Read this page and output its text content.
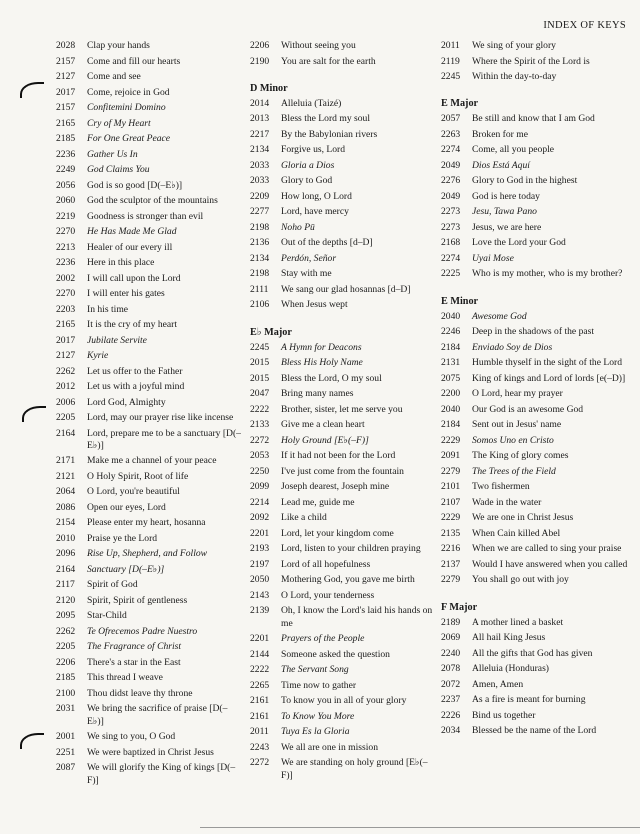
INDEX OF KEYS
2028	Clap your hands
2157	Come and fill our hearts
2127	Come and see
2017	Come, rejoice in God
2157	Confitemini Domino
2165	Cry of My Heart
2185	For One Great Peace
2236	Gather Us In
2249	God Claims You
2056	God is so good [D(–E♭)]
2060	God the sculptor of the mountains
2219	Goodness is stronger than evil
2270	He Has Made Me Glad
2213	Healer of our every ill
2236	Here in this place
2002	I will call upon the Lord
2270	I will enter his gates
2203	In his time
2165	It is the cry of my heart
2017	Jubilate Servite
2127	Kyrie
2262	Let us offer to the Father
2012	Let us with a joyful mind
2006	Lord God, Almighty
2205	Lord, may our prayer rise like incense
2164	Lord, prepare me to be a sanctuary [D(–E♭)]
2171	Make me a channel of your peace
2121	O Holy Spirit, Root of life
2064	O Lord, you're beautiful
2086	Open our eyes, Lord
2154	Please enter my heart, hosanna
2010	Praise ye the Lord
2096	Rise Up, Shepherd, and Follow
2164	Sanctuary [D(–E♭)]
2117	Spirit of God
2120	Spirit, Spirit of gentleness
2095	Star-Child
2262	Te Ofrecemos Padre Nuestro
2205	The Fragrance of Christ
2206	There's a star in the East
2185	This thread I weave
2100	Thou didst leave thy throne
2031	We bring the sacrifice of praise [D(–E♭)]
2001	We sing to you, O God
2251	We were baptized in Christ Jesus
2087	We will glorify the King of kings [D(–F)]
2206	Without seeing you
2190	You are salt for the earth
D Minor
2014	Alleluia (Taizé)
2013	Bless the Lord my soul
2217	By the Babylonian rivers
2134	Forgive us, Lord
2033	Gloria a Dios
2033	Glory to God
2209	How long, O Lord
2277	Lord, have mercy
2198	Noho Pū
2136	Out of the depths [d–D]
2134	Perdón, Señor
2198	Stay with me
2111	We sang our glad hosannas [d–D]
2106	When Jesus wept
E♭ Major
2245	A Hymn for Deacons
2015	Bless His Holy Name
2015	Bless the Lord, O my soul
2047	Bring many names
2222	Brother, sister, let me serve you
2133	Give me a clean heart
2272	Holy Ground [E♭(–F)]
2053	If it had not been for the Lord
2250	I've just come from the fountain
2099	Joseph dearest, Joseph mine
2214	Lead me, guide me
2092	Like a child
2201	Lord, let your kingdom come
2193	Lord, listen to your children praying
2197	Lord of all hopefulness
2050	Mothering God, you gave me birth
2143	O Lord, your tenderness
2139	Oh, I know the Lord's laid his hands on me
2201	Prayers of the People
2144	Someone asked the question
2222	The Servant Song
2265	Time now to gather
2161	To know you in all of your glory
2161	To Know You More
2011	Tuya Es la Gloria
2243	We all are one in mission
2272	We are standing on holy ground [E♭(–F)]
2011	We sing of your glory
2119	Where the Spirit of the Lord is
2245	Within the day-to-day
E Major
2057	Be still and know that I am God
2263	Broken for me
2274	Come, all you people
2049	Dios Está Aquí
2276	Glory to God in the highest
2049	God is here today
2273	Jesu, Tawa Pano
2273	Jesus, we are here
2168	Love the Lord your God
2274	Uyai Mose
2225	Who is my mother, who is my brother?
E Minor
2040	Awesome God
2246	Deep in the shadows of the past
2184	Enviado Soy de Dios
2131	Humble thyself in the sight of the Lord
2075	King of kings and Lord of lords [e(–D)]
2200	O Lord, hear my prayer
2040	Our God is an awesome God
2184	Sent out in Jesus' name
2229	Somos Uno en Cristo
2091	The King of glory comes
2279	The Trees of the Field
2101	Two fishermen
2107	Wade in the water
2229	We are one in Christ Jesus
2135	When Cain killed Abel
2216	When we are called to sing your praise
2137	Would I have answered when you called
2279	You shall go out with joy
F Major
2189	A mother lined a basket
2069	All hail King Jesus
2240	All the gifts that God has given
2078	Alleluia (Honduras)
2072	Amen, Amen
2237	As a fire is meant for burning
2226	Bind us together
2034	Blessed be the name of the Lord
